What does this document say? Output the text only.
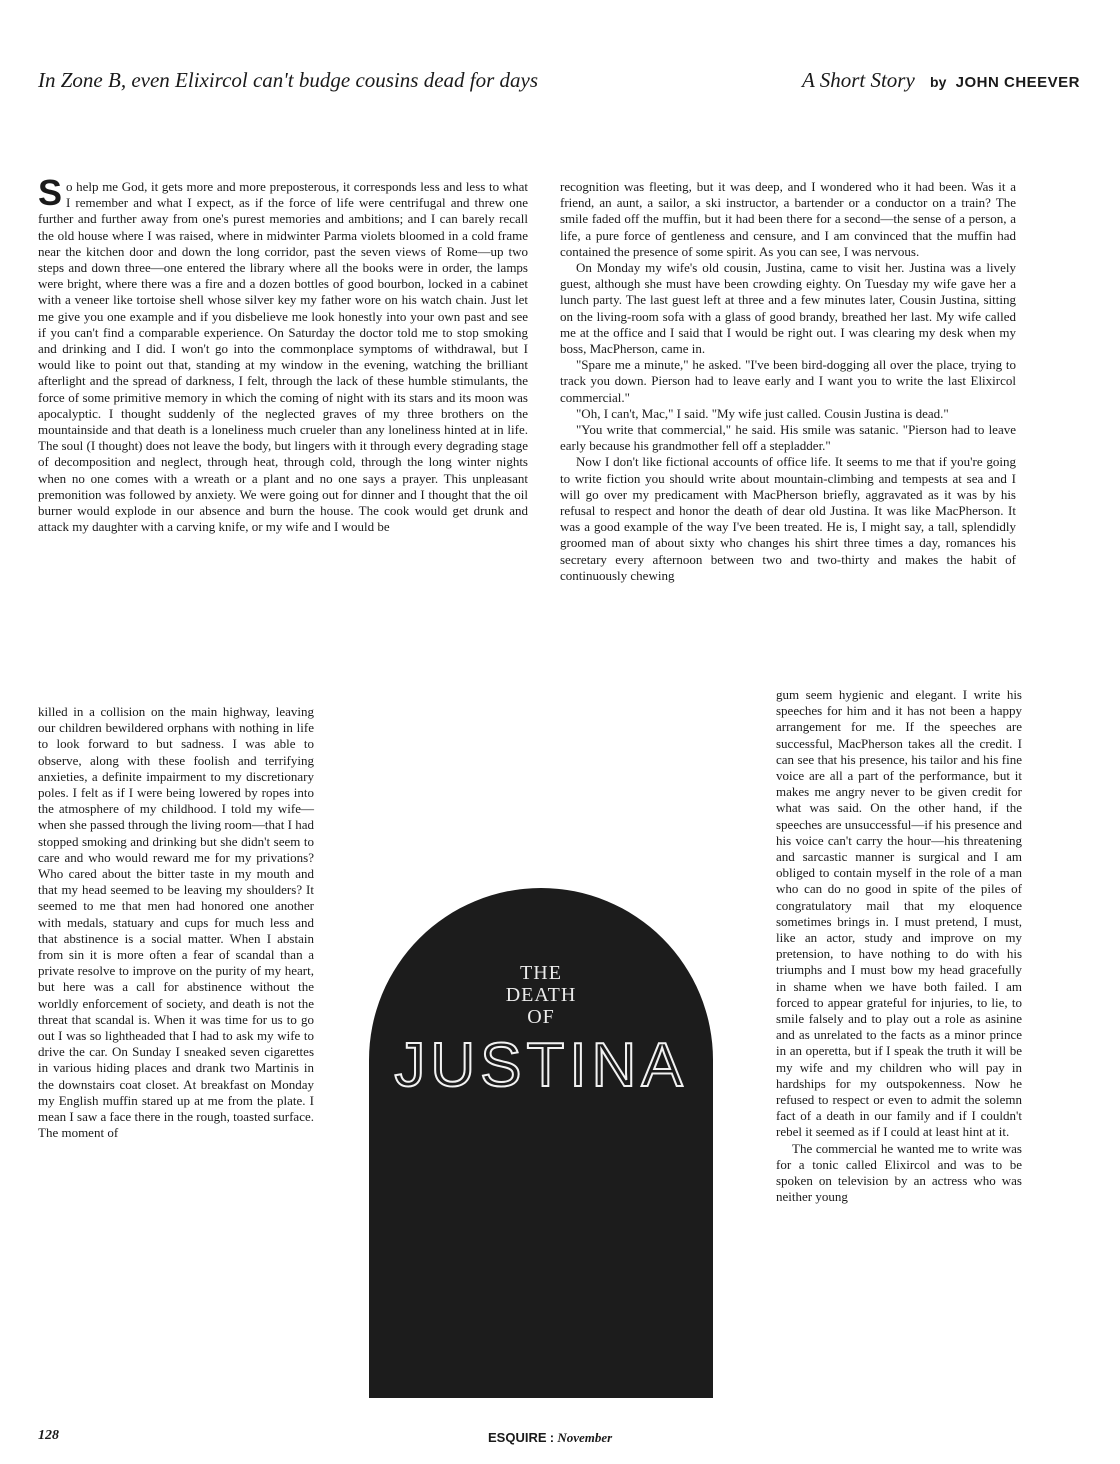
In Zone B, even Elixircol can't budge cousins dead for days	A Short Story by JOHN CHEEVER
So help me God, it gets more and more preposterous, it corresponds less and less to what I remember and what I expect, as if the force of life were centrifugal and threw one further and further away from one's purest memories and ambitions; and I can barely recall the old house where I was raised, where in midwinter Parma violets bloomed in a cold frame near the kitchen door and down the long corridor, past the seven views of Rome—up two steps and down three—one entered the library where all the books were in order, the lamps were bright, where there was a fire and a dozen bottles of good bourbon, locked in a cabinet with a veneer like tortoise shell whose silver key my father wore on his watch chain. Just let me give you one example and if you disbelieve me look honestly into your own past and see if you can't find a comparable experience. On Saturday the doctor told me to stop smoking and drinking and I did. I won't go into the commonplace symptoms of withdrawal, but I would like to point out that, standing at my window in the evening, watching the brilliant afterlight and the spread of darkness, I felt, through the lack of these humble stimulants, the force of some primitive memory in which the coming of night with its stars and its moon was apocalyptic. I thought suddenly of the neglected graves of my three brothers on the mountainside and that death is a loneliness much crueler than any loneliness hinted at in life. The soul (I thought) does not leave the body, but lingers with it through every degrading stage of decomposition and neglect, through heat, through cold, through the long winter nights when no one comes with a wreath or a plant and no one says a prayer. This unpleasant premonition was followed by anxiety. We were going out for dinner and I thought that the oil burner would explode in our absence and burn the house. The cook would get drunk and attack my daughter with a carving knife, or my wife and I would be
killed in a collision on the main highway, leaving our children bewildered orphans with nothing in life to look forward to but sadness. I was able to observe, along with these foolish and terrifying anxieties, a definite impairment to my discretionary poles. I felt as if I were being lowered by ropes into the atmosphere of my childhood. I told my wife—when she passed through the living room—that I had stopped smoking and drinking but she didn't seem to care and who would reward me for my privations? Who cared about the bitter taste in my mouth and that my head seemed to be leaving my shoulders? It seemed to me that men had honored one another with medals, statuary and cups for much less and that abstinence is a social matter. When I abstain from sin it is more often a fear of scandal than a private resolve to improve on the purity of my heart, but here was a call for abstinence without the worldly enforcement of society, and death is not the threat that scandal is. When it was time for us to go out I was so lightheaded that I had to ask my wife to drive the car. On Sunday I sneaked seven cigarettes in various hiding places and drank two Martinis in the downstairs coat closet. At breakfast on Monday my English muffin stared up at me from the plate. I mean I saw a face there in the rough, toasted surface. The moment of
recognition was fleeting, but it was deep, and I wondered who it had been. Was it a friend, an aunt, a sailor, a ski instructor, a bartender or a conductor on a train? The smile faded off the muffin, but it had been there for a second—the sense of a person, a life, a pure force of gentleness and censure, and I am convinced that the muffin had contained the presence of some spirit. As you can see, I was nervous.
On Monday my wife's old cousin, Justina, came to visit her. Justina was a lively guest, although she must have been crowding eighty. On Tuesday my wife gave her a lunch party. The last guest left at three and a few minutes later, Cousin Justina, sitting on the living-room sofa with a glass of good brandy, breathed her last. My wife called me at the office and I said that I would be right out. I was clearing my desk when my boss, MacPherson, came in.
"Spare me a minute," he asked. "I've been bird-dogging all over the place, trying to track you down. Pierson had to leave early and I want you to write the last Elixircol commercial."
"Oh, I can't, Mac," I said. "My wife just called. Cousin Justina is dead."
"You write that commercial," he said. His smile was satanic. "Pierson had to leave early because his grandmother fell off a stepladder."
Now I don't like fictional accounts of office life. It seems to me that if you're going to write fiction you should write about mountain-climbing and tempests at sea and I will go over my predicament with MacPherson briefly, aggravated as it was by his refusal to respect and honor the death of dear old Justina. It was like MacPherson. It was a good example of the way I've been treated. He is, I might say, a tall, splendidly groomed man of about sixty who changes his shirt three times a day, romances his secretary every afternoon between two and two-thirty and makes the habit of continuously chewing
gum seem hygienic and elegant. I write his speeches for him and it has not been a happy arrangement for me. If the speeches are successful, MacPherson takes all the credit. I can see that his presence, his tailor and his fine voice are all a part of the performance, but it makes me angry never to be given credit for what was said. On the other hand, if the speeches are unsuccessful—if his presence and his voice can't carry the hour—his threatening and sarcastic manner is surgical and I am obliged to contain myself in the role of a man who can do no good in spite of the piles of congratulatory mail that my eloquence sometimes brings in. I must pretend, I must, like an actor, study and improve on my pretension, to have nothing to do with his triumphs and I must bow my head gracefully in shame when we have both failed. I am forced to appear grateful for injuries, to lie, to smile falsely and to play out a role as asinine and as unrelated to the facts as a minor prince in an operetta, but if I speak the truth it will be my wife and my children who will pay in hardships for my outspokenness. Now he refused to respect or even to admit the solemn fact of a death in our family and if I couldn't rebel it seemed as if I could at least hint at it.
The commercial he wanted me to write was for a tonic called Elixircol and was to be spoken on television by an actress who was neither young
THE
DEATH
OF
JUSTINA
128	ESQUIRE : November
